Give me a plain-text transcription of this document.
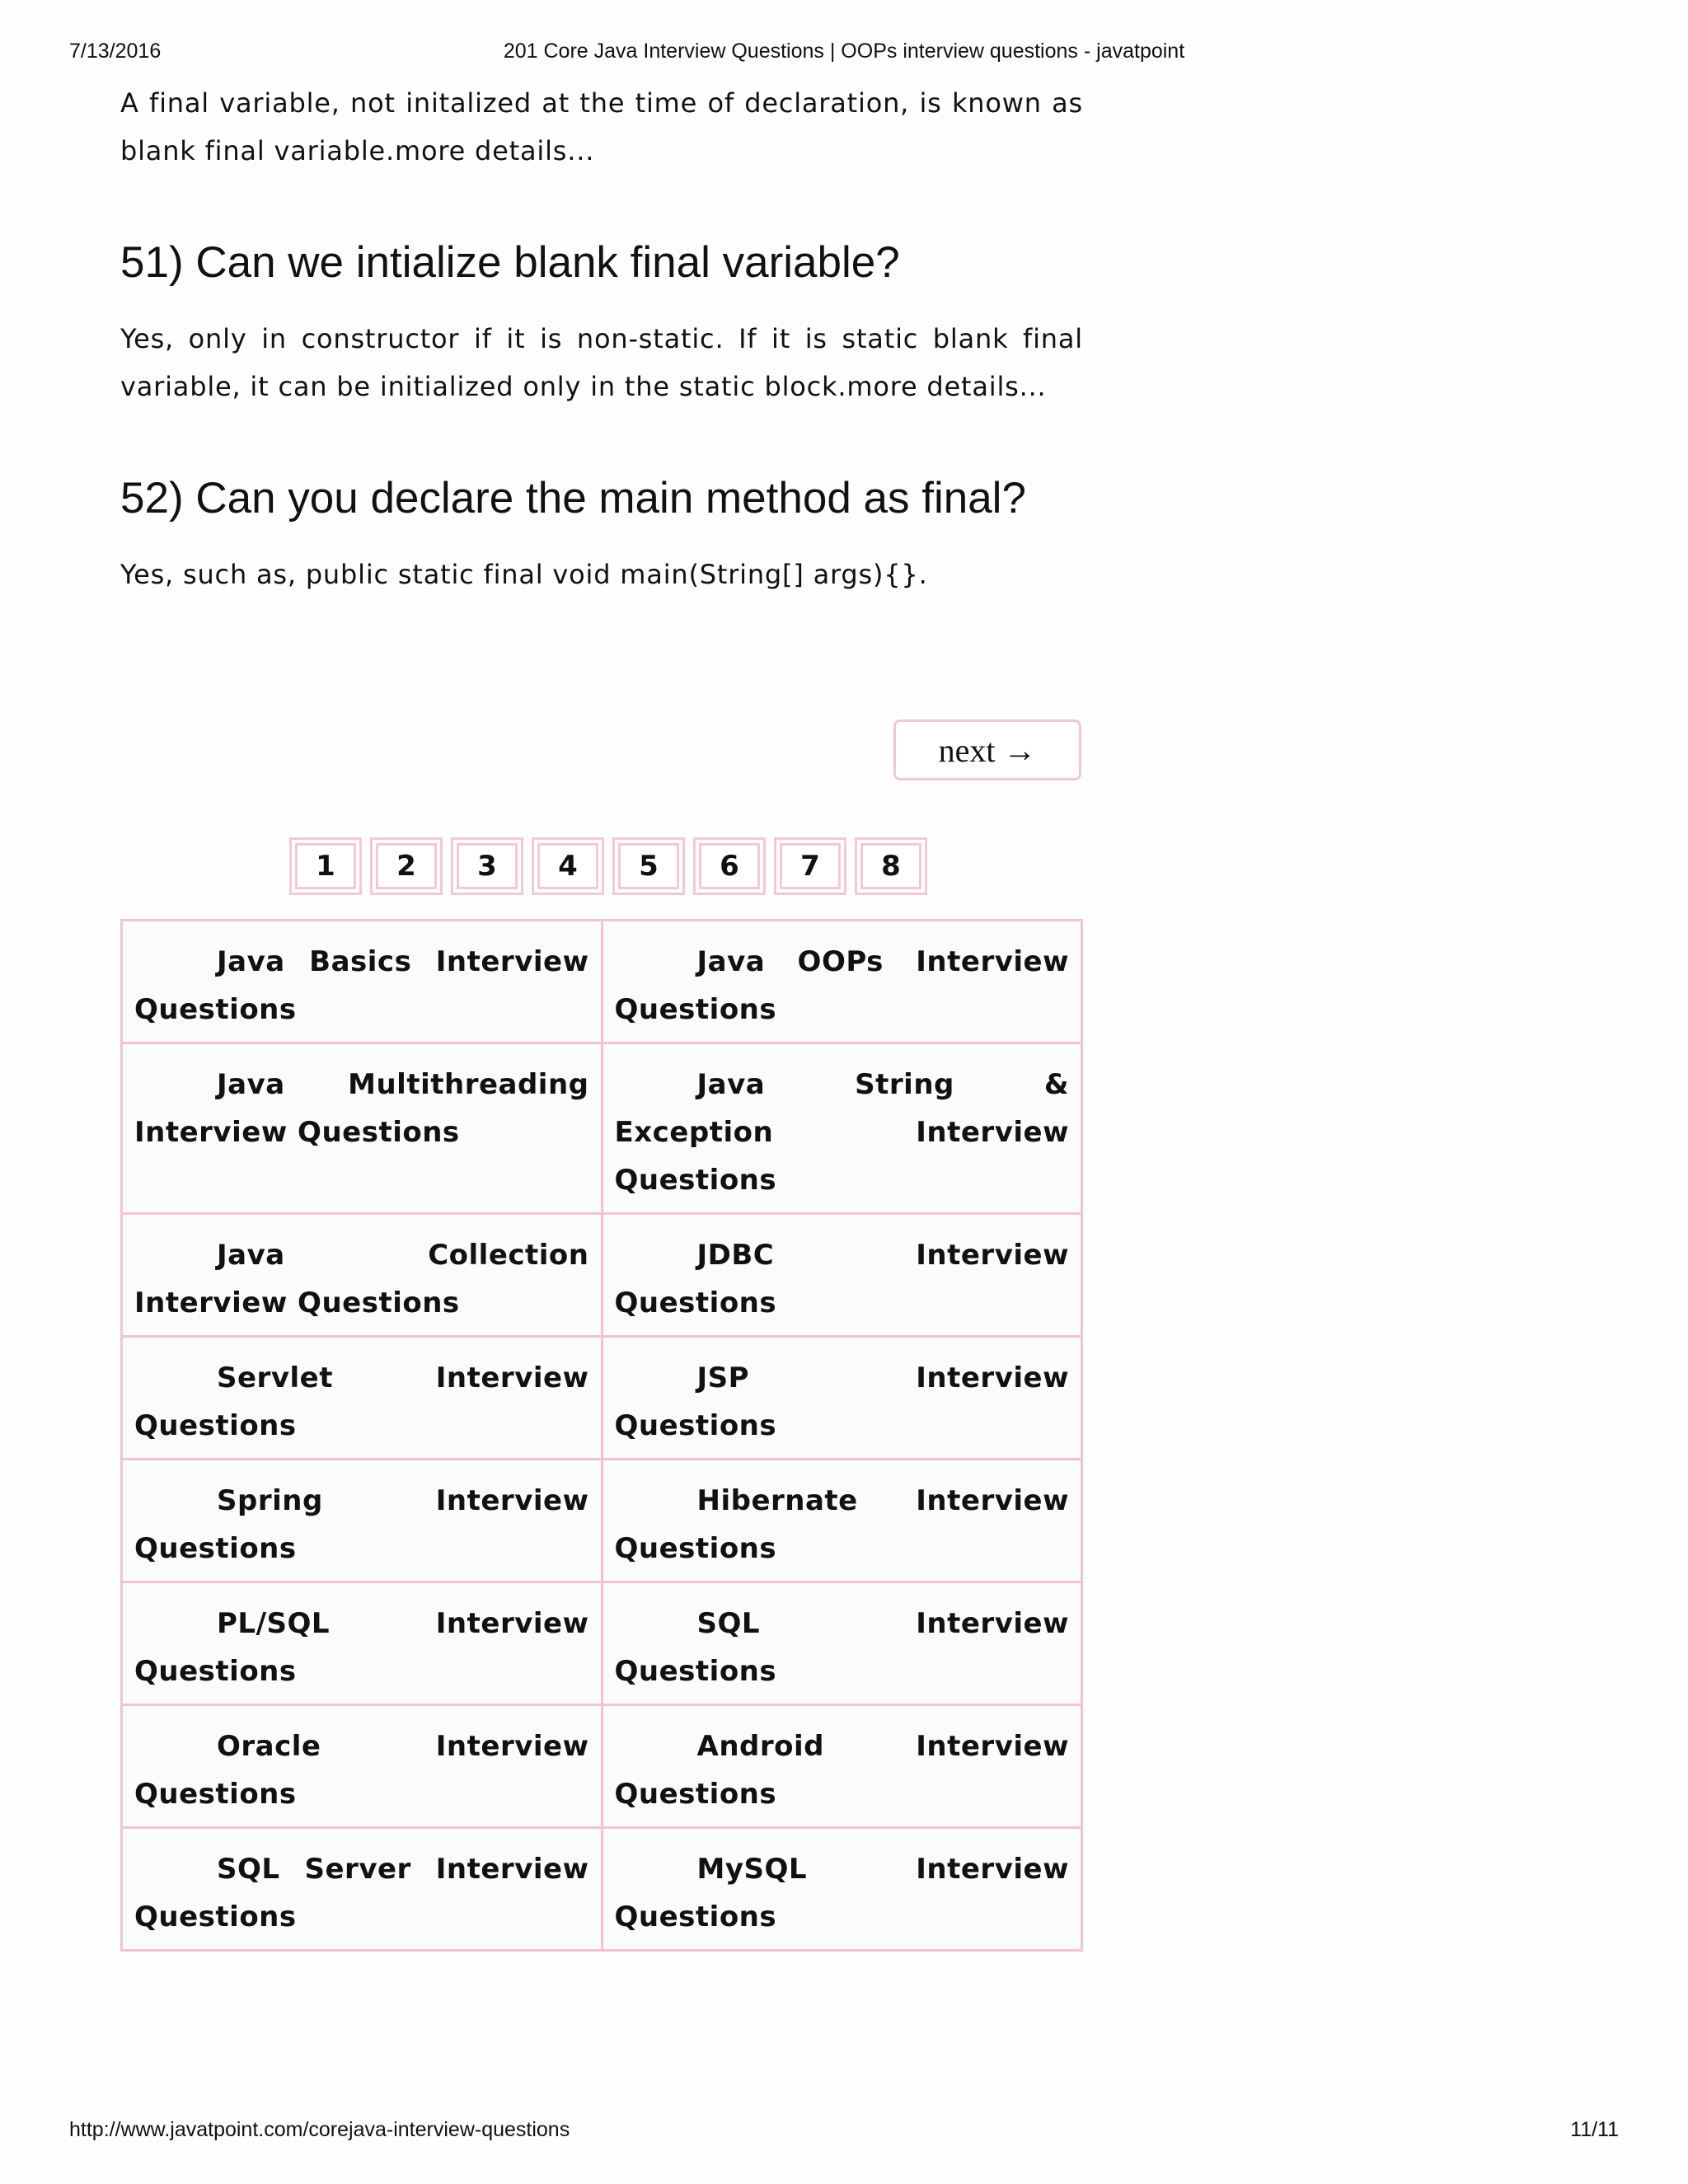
7/13/2016	201 Core Java Interview Questions | OOPs interview questions - javatpoint

A final variable, not initalized at the time of declaration, is known as blank final variable.more details...

51) Can we intialize blank final variable?

Yes, only in constructor if it is non-static. If it is static blank final variable, it can be initialized only in the static block.more details...

52) Can you declare the main method as final?

Yes, such as, public static final void main(String[] args){}.

next →
1	2	3	4	5	6	7	8
Java Basics Interview Questions	Java OOPs Interview Questions
Java Multithreading Interview Questions	Java String & Exception Interview Questions
Java Collection Interview Questions	JDBC Interview Questions
Servlet Interview Questions	JSP Interview Questions
Spring Interview Questions	Hibernate Interview Questions
PL/SQL Interview Questions	SQL Interview Questions
Oracle Interview Questions	Android Interview Questions
SQL Server Interview Questions	MySQL Interview Questions
http://www.javatpoint.com/corejava-interview-questions	11/11
